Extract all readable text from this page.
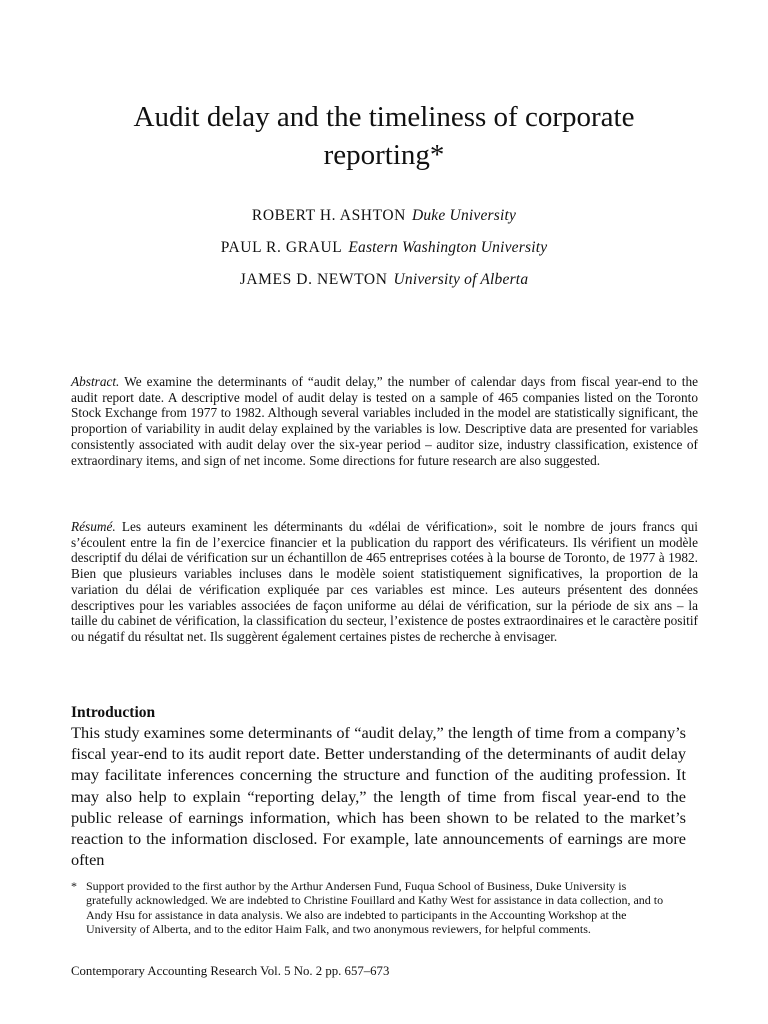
Audit delay and the timeliness of corporate reporting*
ROBERT H. ASHTON Duke University
PAUL R. GRAUL Eastern Washington University
JAMES D. NEWTON University of Alberta

Abstract. We examine the determinants of “audit delay,” the number of calendar days from fiscal year-end to the audit report date. A descriptive model of audit delay is tested on a sample of 465 companies listed on the Toronto Stock Exchange from 1977 to 1982. Although several variables included in the model are statistically significant, the proportion of variability in audit delay explained by the variables is low. Descriptive data are presented for variables consistently associated with audit delay over the six-year period – auditor size, industry classification, existence of extraordinary items, and sign of net income. Some directions for future research are also suggested.

Résumé. Les auteurs examinent les déterminants du «délai de vérification», soit le nombre de jours francs qui s’écoulent entre la fin de l’exercice financier et la publication du rapport des vérificateurs. Ils vérifient un modèle descriptif du délai de vérification sur un échantillon de 465 entreprises cotées à la bourse de Toronto, de 1977 à 1982. Bien que plusieurs variables incluses dans le modèle soient statistiquement significatives, la proportion de la variation du délai de vérification expliquée par ces variables est mince. Les auteurs présentent des données descriptives pour les variables associées de façon uniforme au délai de vérification, sur la période de six ans – la taille du cabinet de vérification, la classification du secteur, l’existence de postes extraordinaires et le caractère positif ou négatif du résultat net. Ils suggèrent également certaines pistes de recherche à envisager.

Introduction

This study examines some determinants of “audit delay,” the length of time from a company’s fiscal year-end to its audit report date. Better understanding of the determinants of audit delay may facilitate inferences concerning the structure and function of the auditing profession. It may also help to explain “reporting delay,” the length of time from fiscal year-end to the public release of earnings information, which has been shown to be related to the market’s reaction to the information disclosed. For example, late announcements of earnings are more often

* Support provided to the first author by the Arthur Andersen Fund, Fuqua School of Business, Duke University is gratefully acknowledged. We are indebted to Christine Fouillard and Kathy West for assistance in data collection, and to Andy Hsu for assistance in data analysis. We also are indebted to participants in the Accounting Workshop at the University of Alberta, and to the editor Haim Falk, and two anonymous reviewers, for helpful comments.

Contemporary Accounting Research Vol. 5 No. 2 pp. 657–673
